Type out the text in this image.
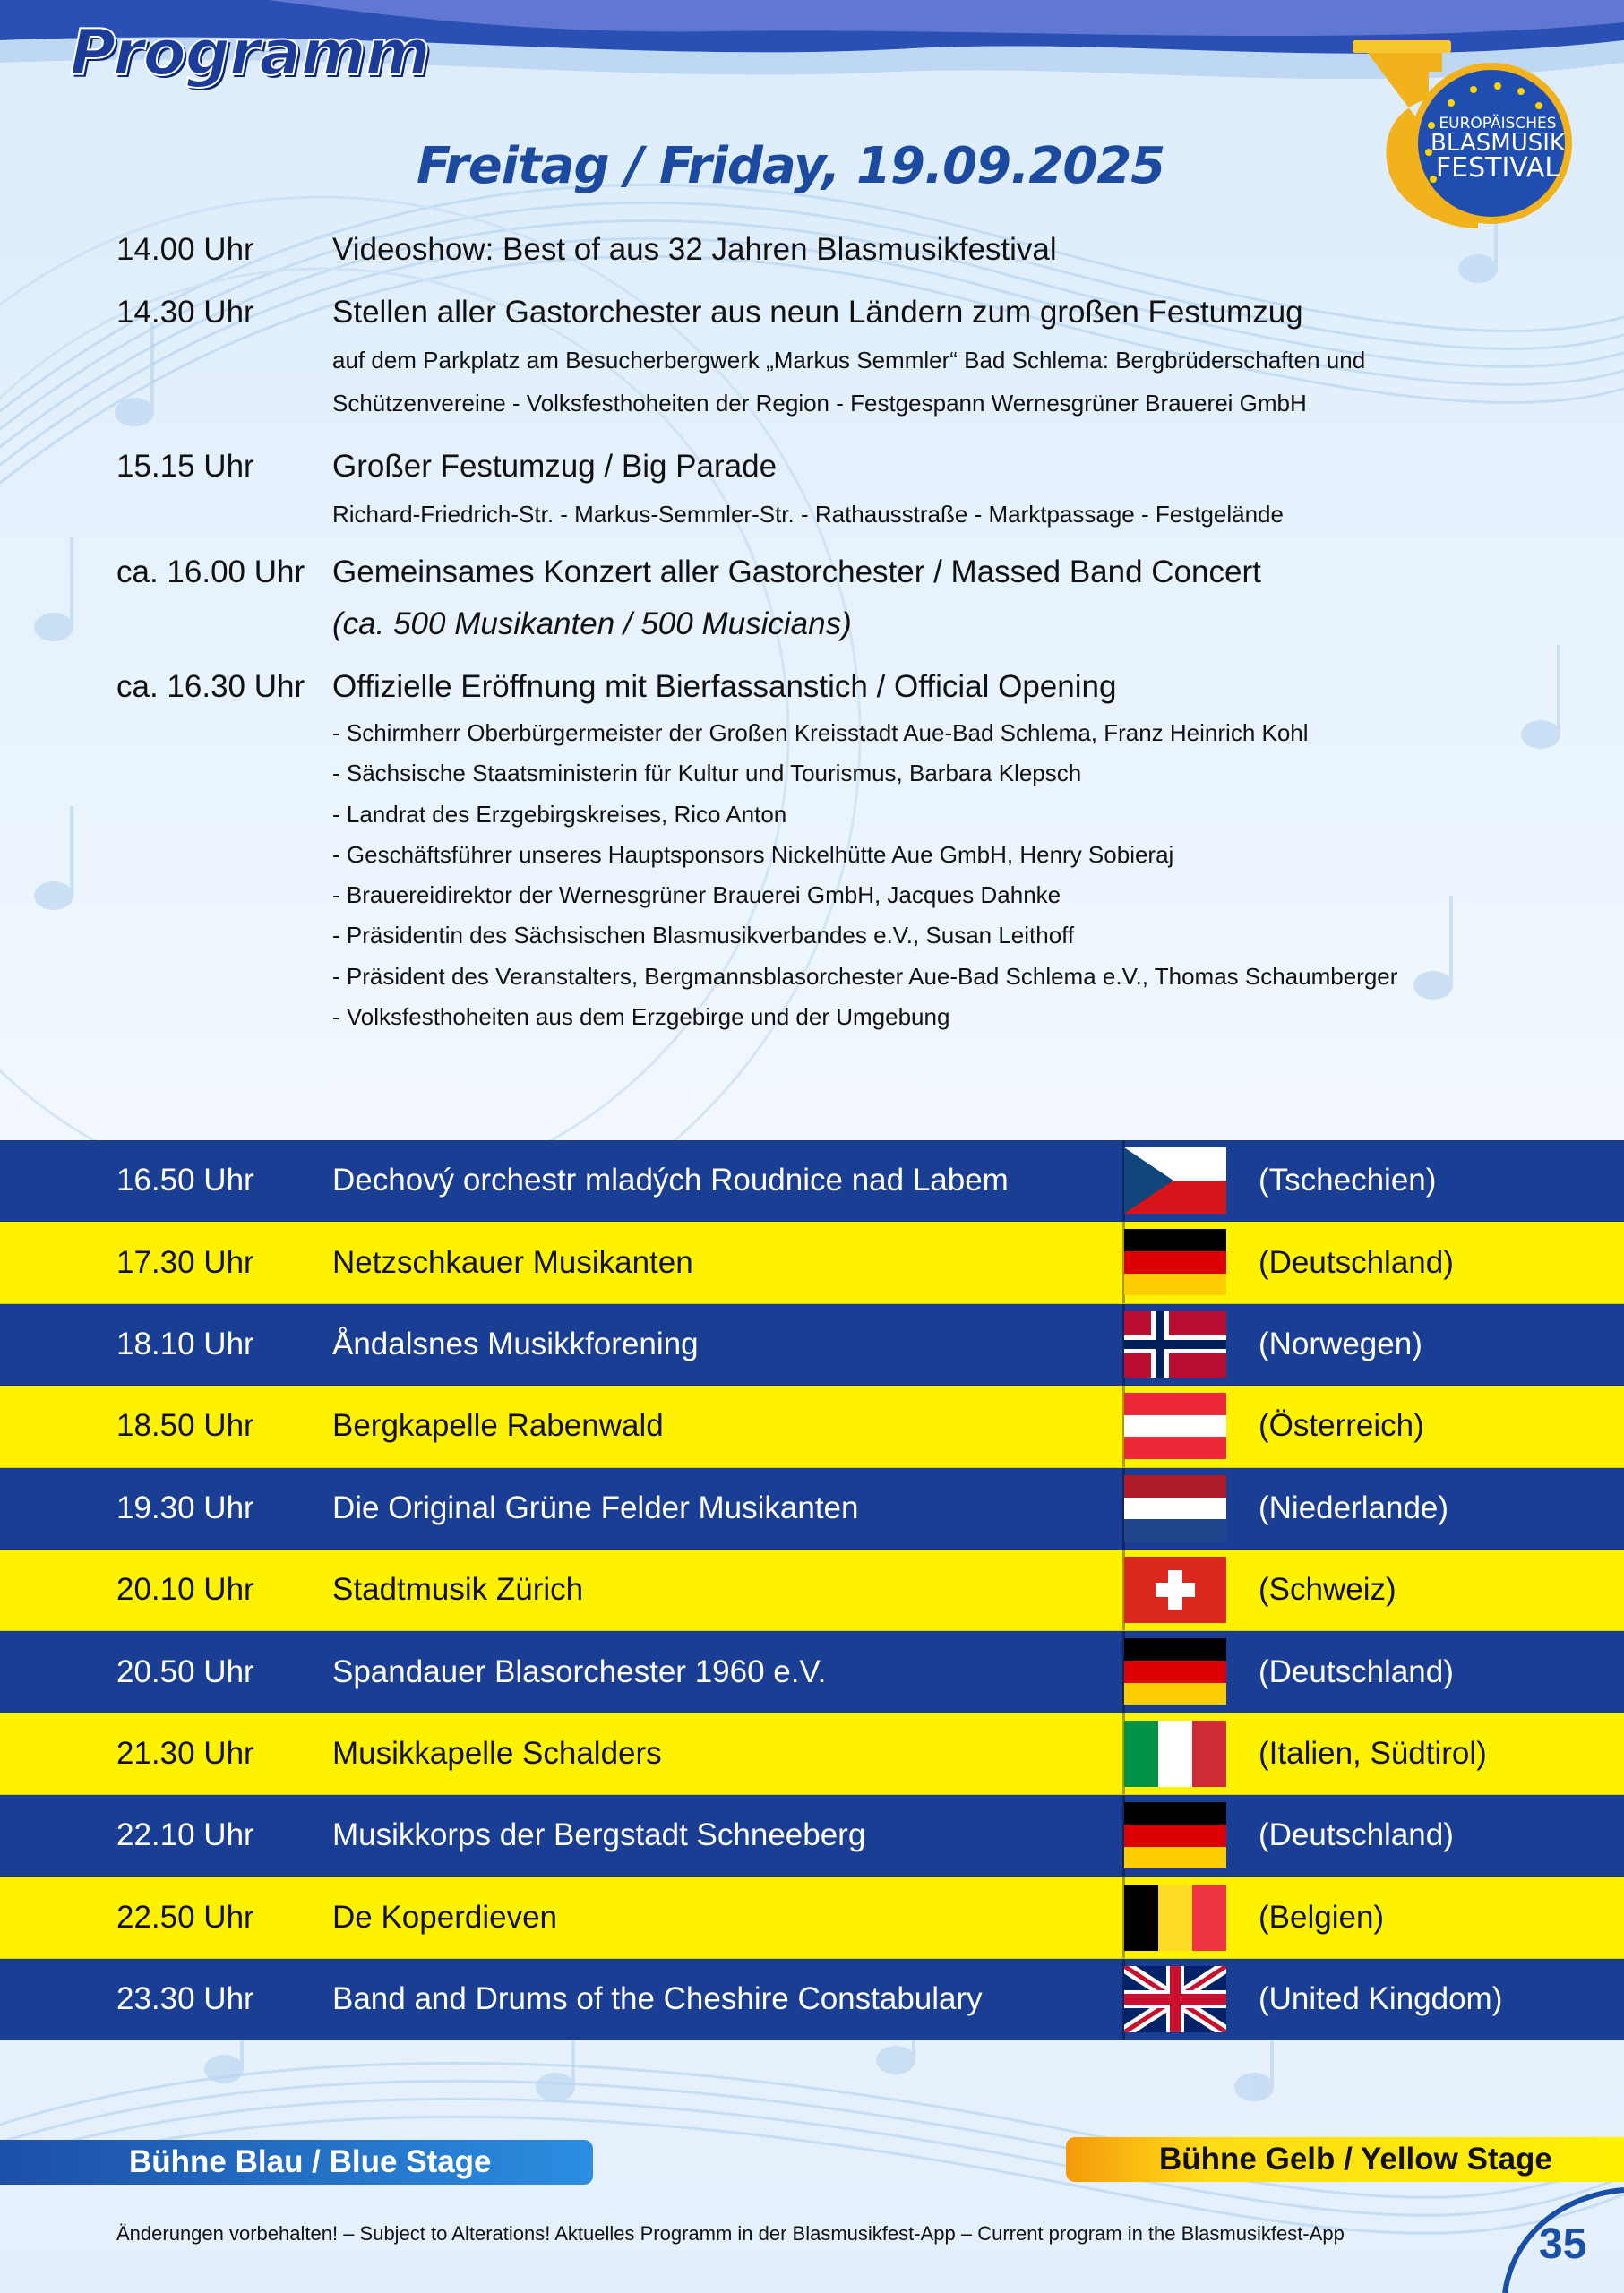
Programm
EUROPÄISCHES
BLASMUSIK
FESTIVAL
Freitag / Friday, 19.09.2025
14.00 Uhr	Videoshow: Best of aus 32 Jahren Blasmusikfestival
14.30 Uhr	Stellen aller Gastorchester aus neun Ländern zum großen Festumzug
auf dem Parkplatz am Besucherbergwerk „Markus Semmler“ Bad Schlema: Bergbrüderschaften und
Schützenvereine - Volksfesthoheiten der Region - Festgespann Wernesgrüner Brauerei GmbH
15.15 Uhr	Großer Festumzug / Big Parade
Richard-Friedrich-Str. - Markus-Semmler-Str. - Rathausstraße - Marktpassage - Festgelände
ca. 16.00 Uhr Gemeinsames Konzert aller Gastorchester / Massed Band Concert
(ca. 500 Musikanten / 500 Musicians)
ca. 16.30 Uhr Offizielle Eröffnung mit Bierfassanstich / Official Opening
- Schirmherr Oberbürgermeister der Großen Kreisstadt Aue-Bad Schlema, Franz Heinrich Kohl
- Sächsische Staatsministerin für Kultur und Tourismus, Barbara Klepsch
- Landrat des Erzgebirgskreises, Rico Anton
- Geschäftsführer unseres Hauptsponsors Nickelhütte Aue GmbH, Henry Sobieraj
- Brauereidirektor der Wernesgrüner Brauerei GmbH, Jacques Dahnke
- Präsidentin des Sächsischen Blasmusikverbandes e.V., Susan Leithoff
- Präsident des Veranstalters, Bergmannsblasorchester Aue-Bad Schlema e.V., Thomas Schaumberger
- Volksfesthoheiten aus dem Erzgebirge und der Umgebung
16.50 Uhr Dechový orchestr mladých Roudnice nad Labem	(Tschechien)
17.30 Uhr Netzschkauer Musikanten	(Deutschland)
18.10 Uhr Åndalsnes Musikkforening	(Norwegen)
18.50 Uhr Bergkapelle Rabenwald	(Österreich)
19.30 Uhr Die Original Grüne Felder Musikanten	(Niederlande)
20.10 Uhr Stadtmusik Zürich	(Schweiz)
20.50 Uhr Spandauer Blasorchester 1960 e.V.	(Deutschland)
21.30 Uhr Musikkapelle Schalders	(Italien, Südtirol)
22.10 Uhr Musikkorps der Bergstadt Schneeberg	(Deutschland)
22.50 Uhr De Koperdieven	(Belgien)
23.30 Uhr Band and Drums of the Cheshire Constabulary	(United Kingdom)
Bühne Blau / Blue Stage	Bühne Gelb / Yellow Stage
Änderungen vorbehalten! – Subject to Alterations! Aktuelles Programm in der Blasmusikfest-App – Current program in the Blasmusikfest-App	35
